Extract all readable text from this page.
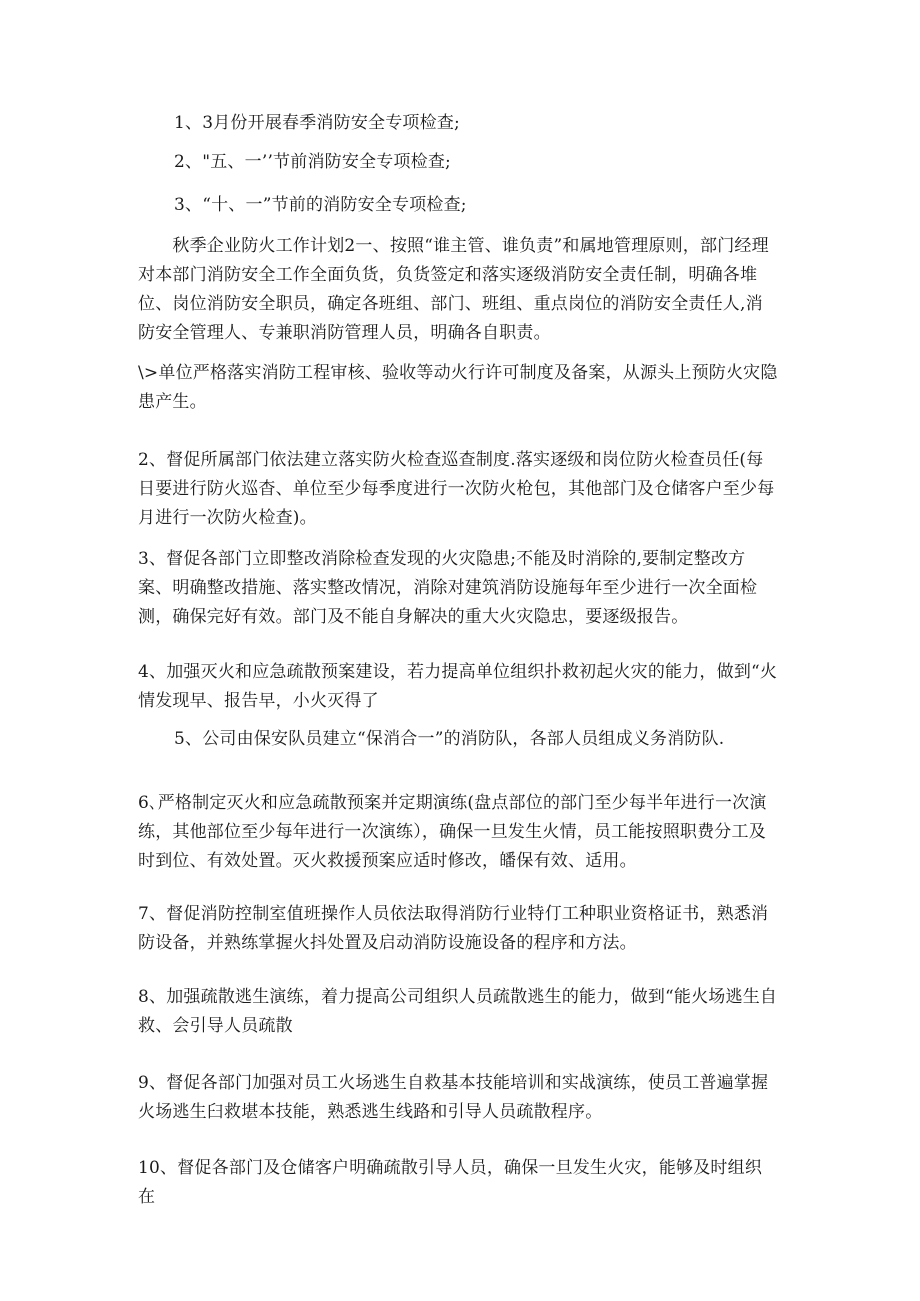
1、3月份开展春季消防安全专项检查;

2、"五、一’’节前消防安全专项检查;

3、“十、一”节前的消防安全专项检查;

　　秋季企业防火工作计划2一、按照“谁主管、谁负责”和属地管理原则，部门经理对本部门消防安全工作全面负货，负货签定和落实逐级消防安全责任制，明确各堆位、岗位消防安全职员，确定各班组、部门、班组、重点岗位的消防安全责任人,消防安全管理人、专兼职消防管理人员，明确各自职责。

\>单位严格落实消防工程审核、验收等动火行许可制度及备案，从源头上预防火灾隐患产生。

2、督促所属部门依法建立落实防火检查巡查制度.落实逐级和岗位防火检查员任(每日要进行防火巡杳、单位至少每季度进行一次防火枪包，其他部门及仓储客户至少每月进行一次防火检查)。

3、督促各部门立即整改消除检查发现的火灾隐患;不能及时消除的,要制定整改方案、明确整改措施、落实整改情况，消除对建筑消防设施每年至少进行一次全面检测，确保完好有效。部门及不能自身解决的重大火灾隐忠，要逐级报告。

4、加强灭火和应急疏散预案建设，若力提高单位组织扑救初起火灾的能力，做到“火情发现早、报告早，小火灭得了

5、公司由保安队员建立“保消合一”的消防队，各部人员组成义务消防队.

6､严格制定灭火和应急疏散预案并定期演练(盘点部位的部门至少每半年进行一次演练，其他部位至少每年进行一次演练），确保一旦发生火情，员工能按照职费分工及时到位、有效处置。灭火救援预案应适时修改，皤保有效、适用。

7、督促消防控制室值班操作人员依法取得消防行业特仃工种职业资格证书，熟悉消防设备，并熟练掌握火抖处置及启动消防设施设备的程序和方法。

8、加强疏散逃生演练，着力提高公司组织人员疏散逃生的能力，做到“能火场逃生自救、会引导人员疏散

9、督促各部门加强对员工火场逃生自救基本技能培训和实战演练，使员工普遍掌握火场逃生臼救堪本技能，熟悉逃生线路和引导人员疏散程序。

10、督促各部门及仓储客户明确疏散引导人员，确保一旦发生火灾，能够及时组织在
